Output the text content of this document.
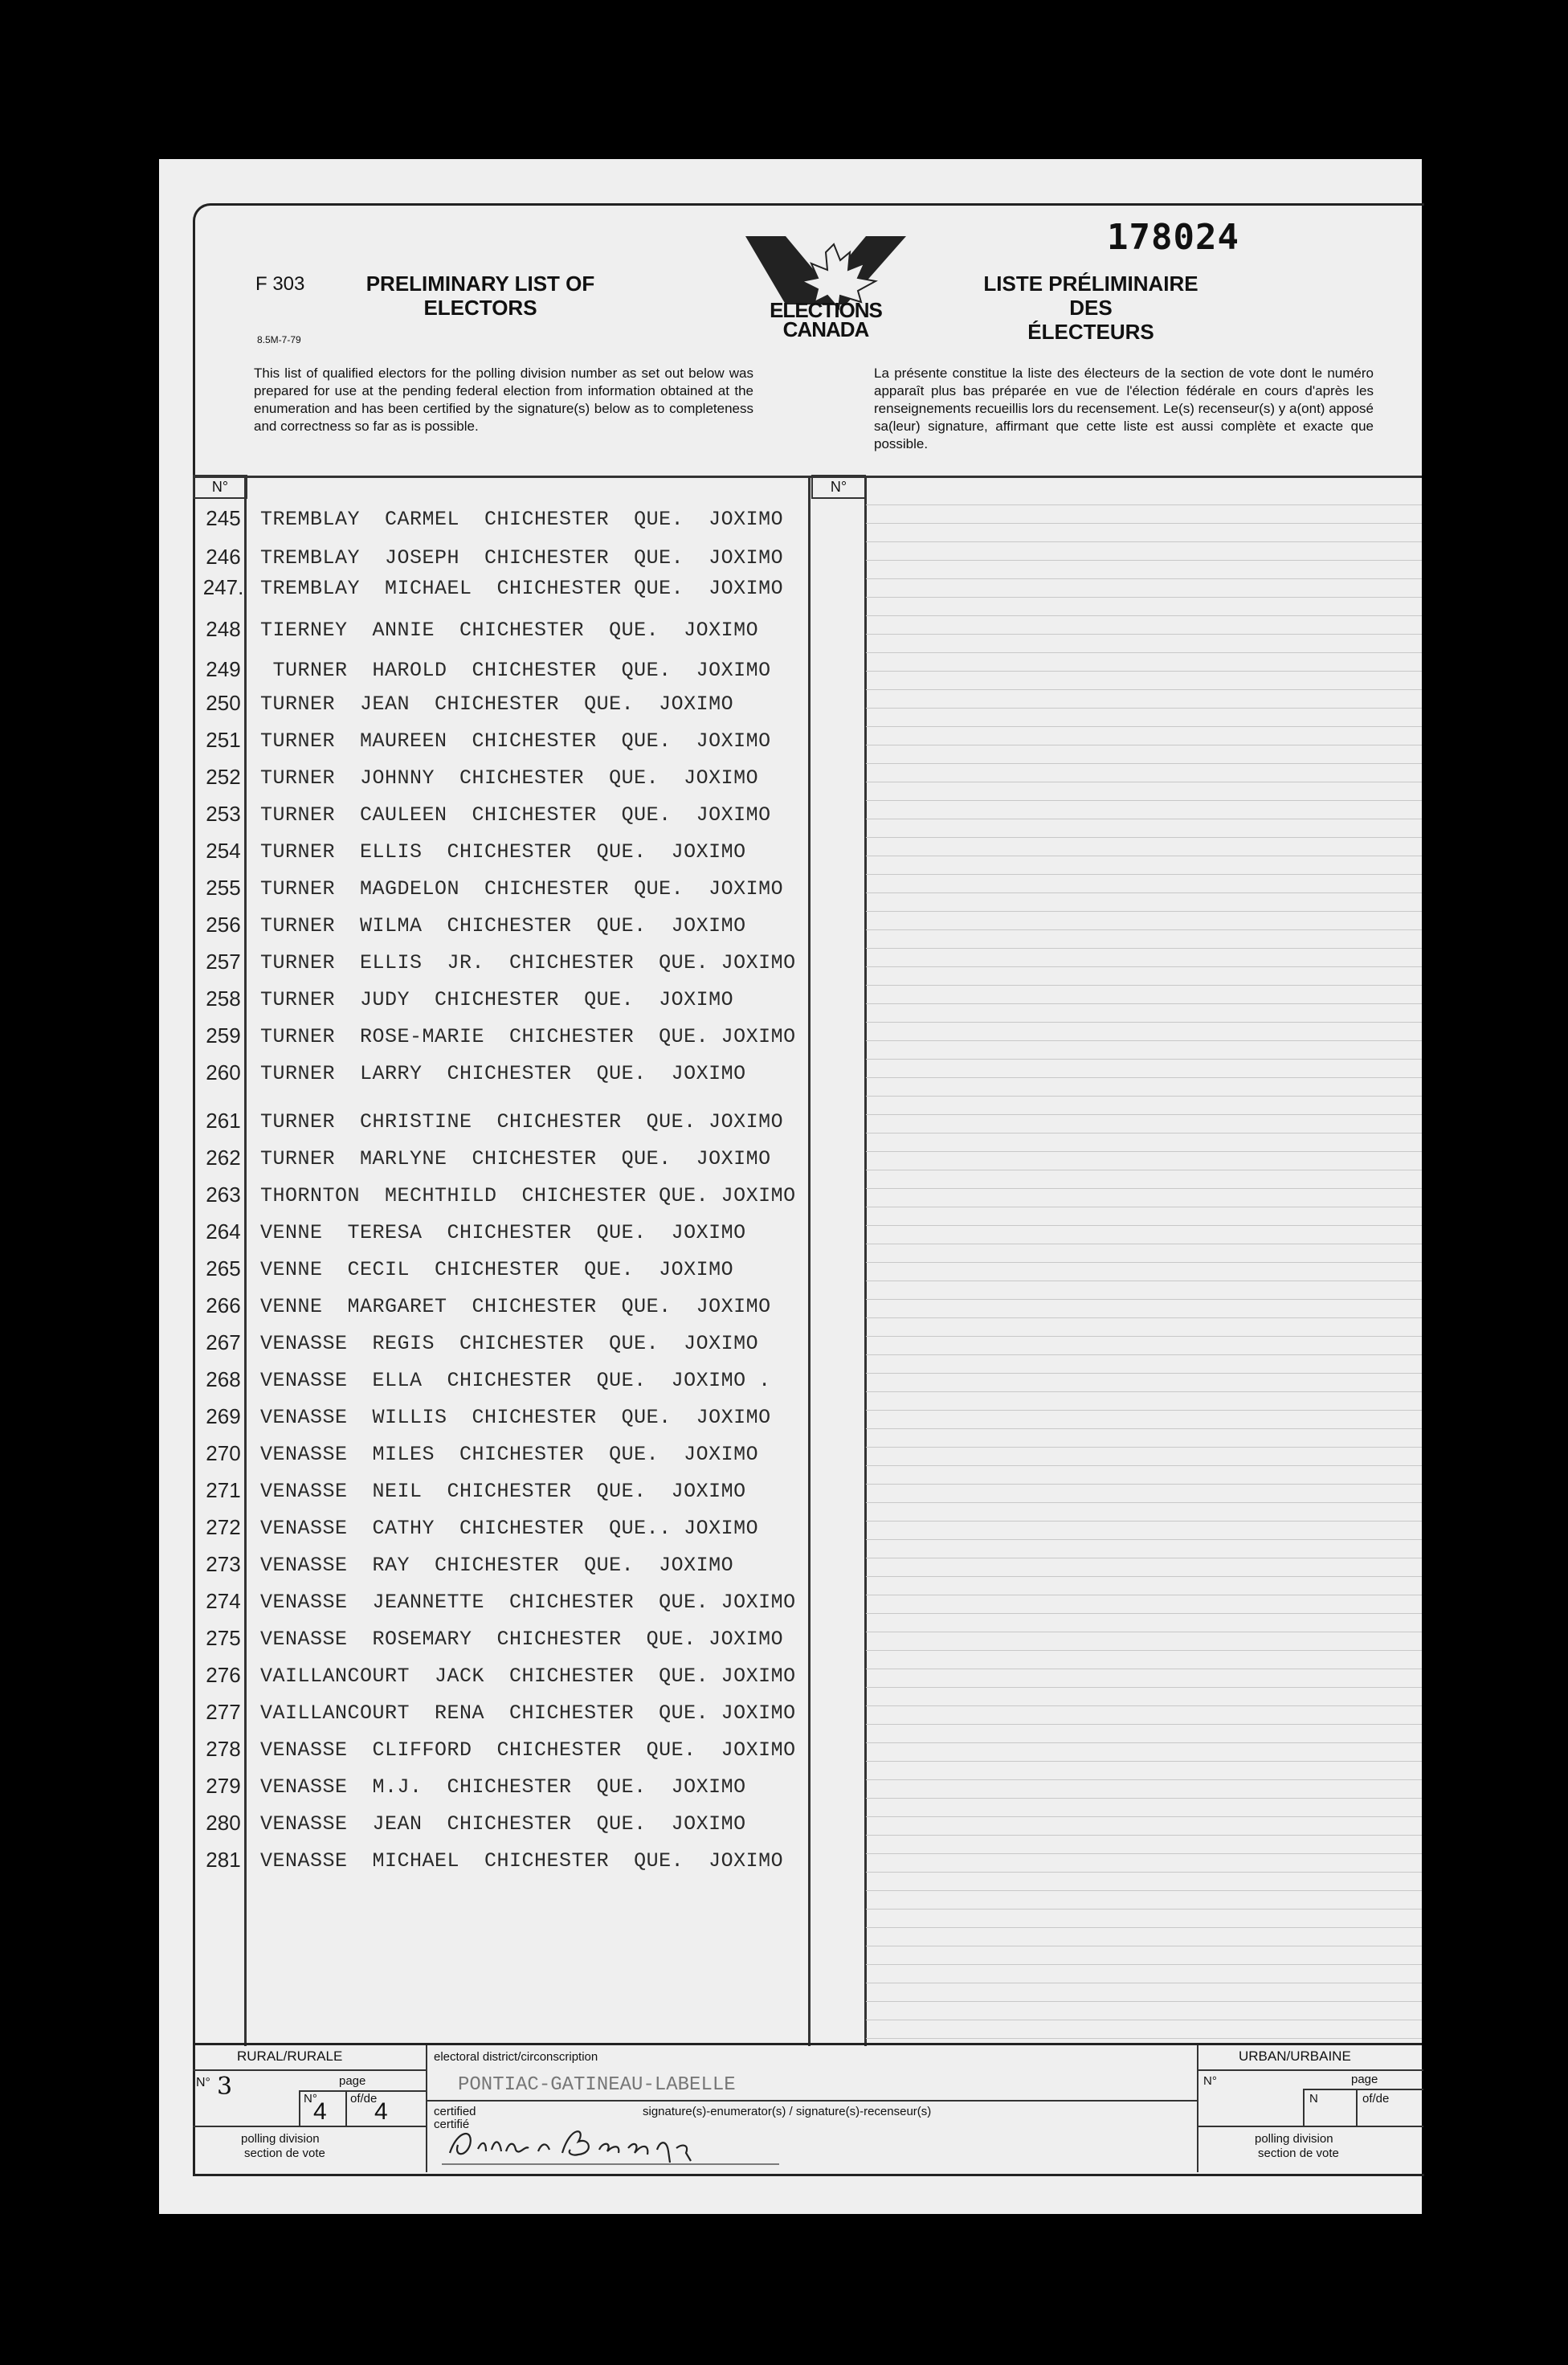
178024
F 303
8.5M-7-79
PRELIMINARY LIST OF
ELECTORS	ELECTIONS
CANADA
LISTE PRÉLIMINAIRE DES
ÉLECTEURS
This list of qualified electors for the polling division number as set out below was prepared for use at the pending federal election from information obtained at the enumeration and has been certified by the signature(s) below as to completeness and correctness so far as is possible.
La présente constitue la liste des électeurs de la section de vote dont le numéro apparaît plus bas préparée en vue de l'élection fédérale en cours d'après les renseignements recueillis lors du recensement. Le(s) recenseur(s) y a(ont) apposé sa(leur) signature, affirmant que cette liste est aussi complète et exacte que possible.
N°	N°
245 TREMBLAY  CARMEL  CHICHESTER  QUE.  JOXIMO
246 TREMBLAY  JOSEPH  CHICHESTER  QUE.  JOXIMO
247. TREMBLAY  MICHAEL  CHICHESTER QUE.  JOXIMO
248 TIERNEY  ANNIE  CHICHESTER  QUE.  JOXIMO
249 TURNER  HAROLD  CHICHESTER  QUE.  JOXIMO
250 TURNER  JEAN  CHICHESTER  QUE.  JOXIMO
251 TURNER  MAUREEN  CHICHESTER  QUE.  JOXIMO
252 TURNER  JOHNNY  CHICHESTER  QUE.  JOXIMO
253 TURNER  CAULEEN  CHICHESTER  QUE.  JOXIMO
254 TURNER  ELLIS  CHICHESTER  QUE.  JOXIMO
255 TURNER  MAGDELON  CHICHESTER  QUE.  JOXIMO
256 TURNER  WILMA  CHICHESTER  QUE.  JOXIMO
257 TURNER  ELLIS  JR.  CHICHESTER  QUE. JOXIMO
258 TURNER  JUDY  CHICHESTER  QUE.  JOXIMO
259 TURNER  ROSE-MARIE  CHICHESTER  QUE. JOXIMO
260 TURNER  LARRY  CHICHESTER  QUE.  JOXIMO
261 TURNER  CHRISTINE  CHICHESTER  QUE. JOXIMO
262 TURNER  MARLYNE  CHICHESTER  QUE.  JOXIMO
263 THORNTON  MECHTHILD  CHICHESTER QUE. JOXIMO
264 VENNE  TERESA  CHICHESTER  QUE.  JOXIMO
265 VENNE  CECIL  CHICHESTER  QUE.  JOXIMO
266 VENNE  MARGARET  CHICHESTER  QUE.  JOXIMO
267 VENASSE  REGIS  CHICHESTER  QUE.  JOXIMO
268 VENASSE  ELLA  CHICHESTER  QUE.  JOXIMO .
269 VENASSE  WILLIS  CHICHESTER  QUE.  JOXIMO
270 VENASSE  MILES  CHICHESTER  QUE.  JOXIMO
271 VENASSE  NEIL  CHICHESTER  QUE.  JOXIMO
272 VENASSE  CATHY  CHICHESTER  QUE.. JOXIMO
273 VENASSE  RAY  CHICHESTER  QUE.  JOXIMO
274 VENASSE  JEANNETTE  CHICHESTER  QUE. JOXIMO
275 VENASSE  ROSEMARY  CHICHESTER  QUE. JOXIMO
276 VAILLANCOURT  JACK  CHICHESTER  QUE. JOXIMO
277 VAILLANCOURT  RENA  CHICHESTER  QUE. JOXIMO
278 VENASSE  CLIFFORD  CHICHESTER  QUE.  JOXIMO
279 VENASSE  M.J.  CHICHESTER  QUE.  JOXIMO
280 VENASSE  JEAN  CHICHESTER  QUE.  JOXIMO
281 VENASSE  MICHAEL  CHICHESTER  QUE.  JOXIMO
RURAL/RURALE
N° 3	page
N°
4 of/de
4
polling division
section de vote
electoral district/circonscription
PONTIAC-GATINEAU-LABELLE
certified
certifié
signature(s)-enumerator(s) / signature(s)-recenseur(s)
URBAN/URBAINE
N°	page
N	of/de
polling division
section de vote
